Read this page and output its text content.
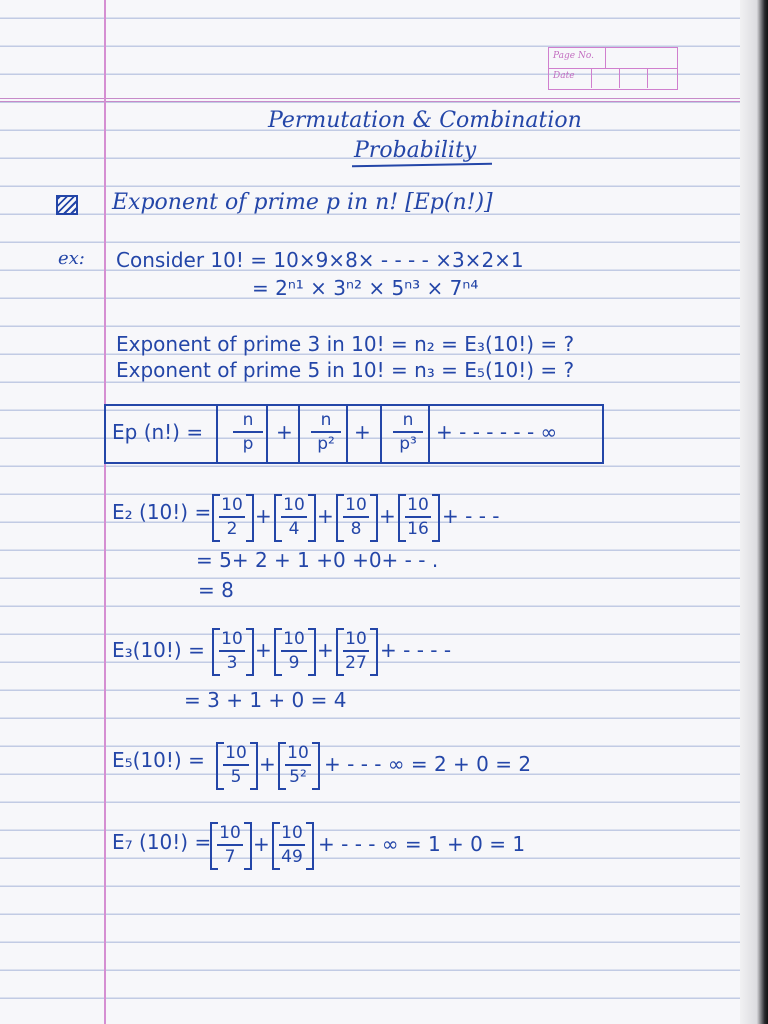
Page No.
Date
Permutation & Combination
Probability
Exponent of prime p in n! [Ep(n!)]
ex: Consider 10! = 10×9×8× - - - - ×3×2×1
= 2ⁿ¹ × 3ⁿ² × 5ⁿ³ × 7ⁿ⁴
Exponent of prime 3 in 10! = n₂ = E₃(10!) = ?
Exponent of prime 5 in 10! = n₃ = E₅(10!) = ?
Ep (n!) =	n
p	+	n
p² +	n
p³ + - - - - - - ∞
E₂ (10!) = 10
2
+ 10
4
+ 10
8
+ 10
16
+ - - -
= 5+ 2 + 1 +0 +0+ - - .
= 8
E₃(10!) = 10
3
+ 10
9
+ 10
27
+ - - - -
= 3 + 1 + 0 = 4
E₅(10!) =	10
5
+ 10
5²
+ - - - ∞ = 2 + 0 = 2
E₇ (10!) = 10
7
+ 10
49
+ - - - ∞ = 1 + 0 = 1
